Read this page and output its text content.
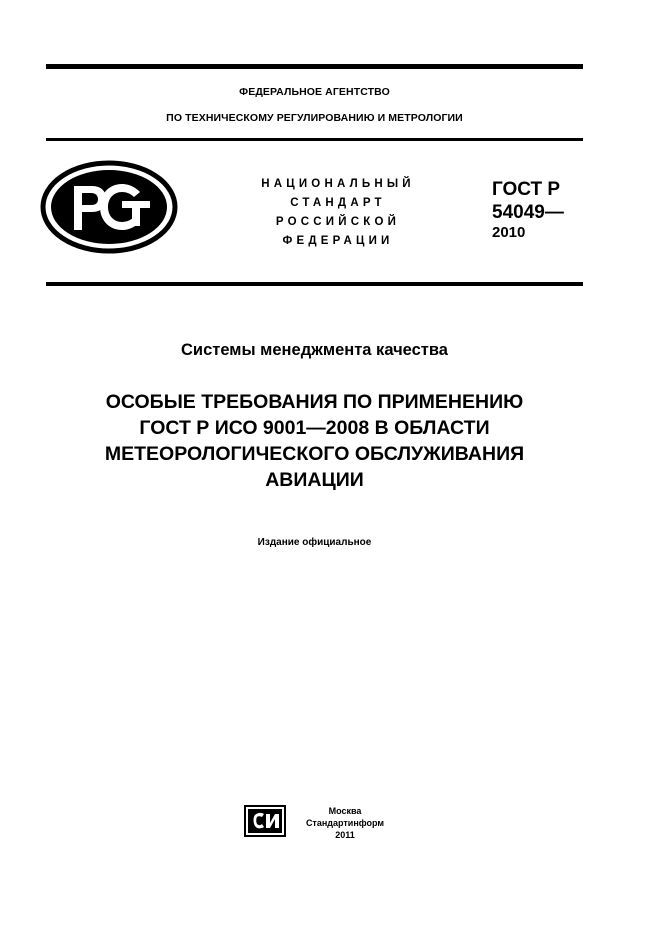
ФЕДЕРАЛЬНОЕ АГЕНТСТВО
ПО ТЕХНИЧЕСКОМУ РЕГУЛИРОВАНИЮ И МЕТРОЛОГИИ
НАЦИОНАЛЬНЫЙ
СТАНДАРТ
РОССИЙСКОЙ
ФЕДЕРАЦИИ
ГОСТ Р
54049—
2010
Системы менеджмента качества
ОСОБЫЕ ТРЕБОВАНИЯ ПО ПРИМЕНЕНИЮ
ГОСТ Р ИСО 9001—2008 В ОБЛАСТИ
МЕТЕОРОЛОГИЧЕСКОГО ОБСЛУЖИВАНИЯ
АВИАЦИИ
Издание официальное
Москва
Стандартинформ
2011
